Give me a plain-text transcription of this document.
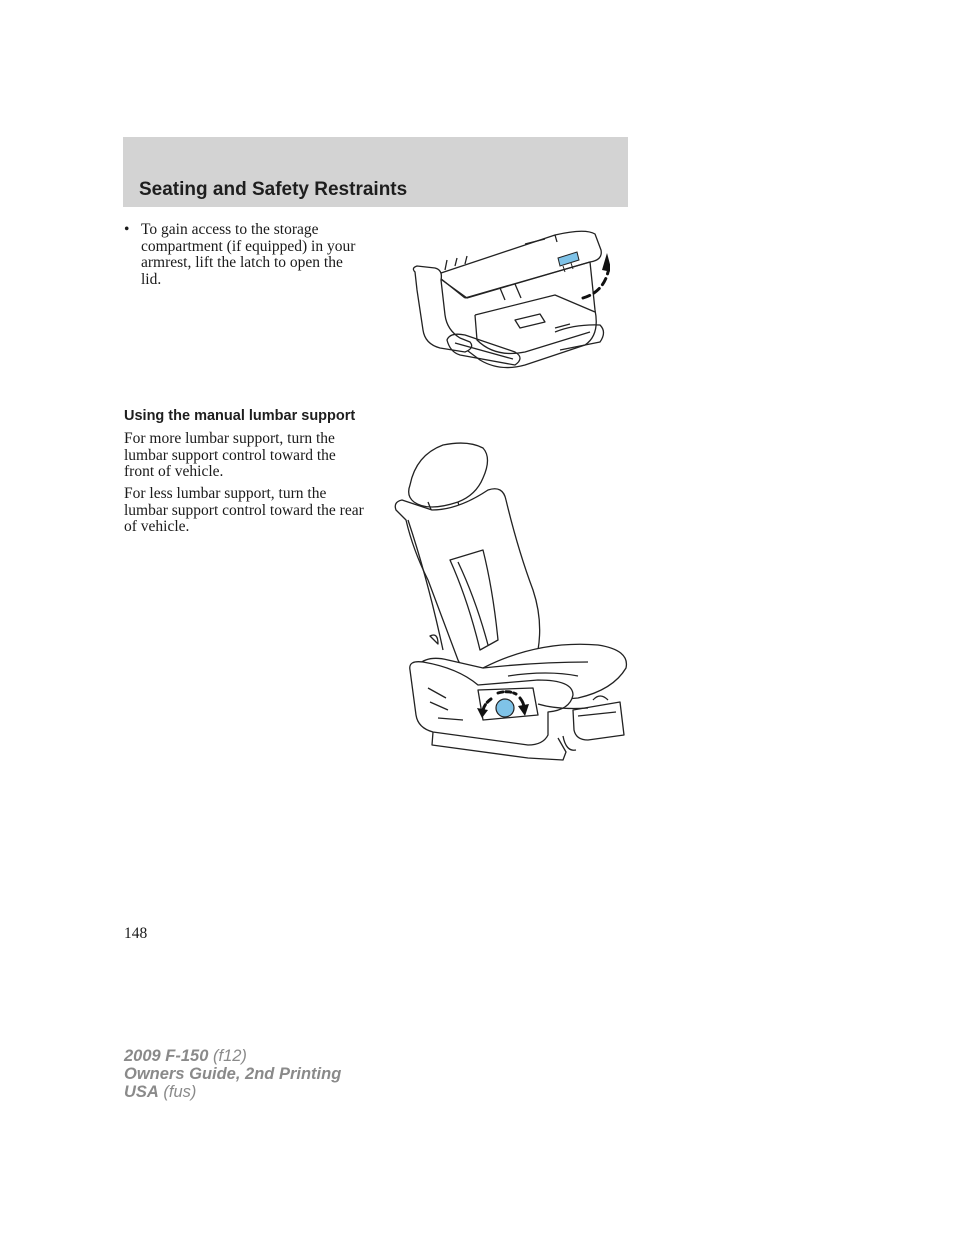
Seating and Safety Restraints
• To gain access to the storage compartment (if equipped) in your armrest, lift the latch to open the lid.
Using the manual lumbar support

For more lumbar support, turn the lumbar support control toward the front of vehicle.

For less lumbar support, turn the lumbar support control toward the rear of vehicle.

148
2009 F-150 (f12)
Owners Guide, 2nd Printing
USA (fus)
